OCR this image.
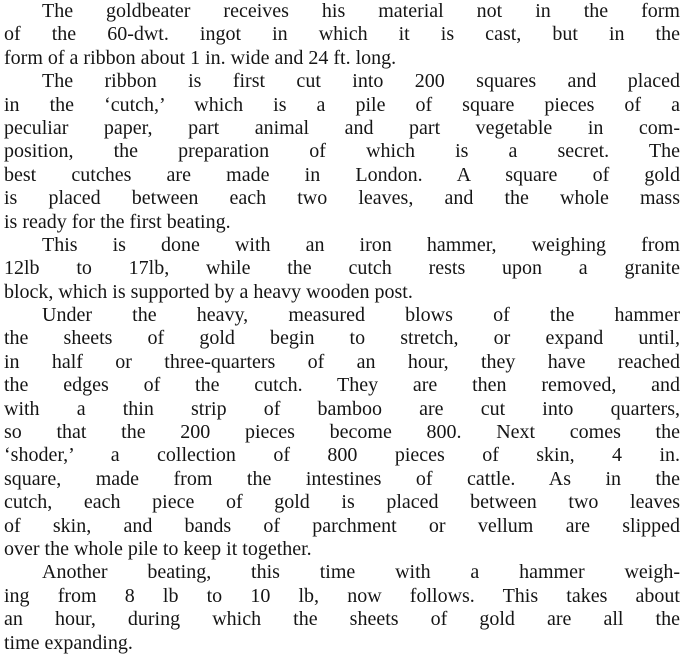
The goldbeater receives his material not in the form
of the 60-dwt. ingot in which it is cast, but in the
form of a ribbon about 1 in. wide and 24 ft. long.
The ribbon is first cut into 200 squares and placed
in the ‘cutch,’ which is a pile of square pieces of a
peculiar paper, part animal and part vegetable in com-
position, the preparation of which is a secret. The
best cutches are made in London. A square of gold
is placed between each two leaves, and the whole mass
is ready for the first beating.
This is done with an iron hammer, weighing from
12lb to 17lb, while the cutch rests upon a granite
block, which is supported by a heavy wooden post.
Under the heavy, measured blows of the hammer
the sheets of gold begin to stretch, or expand until,
in half or three-quarters of an hour, they have reached
the edges of the cutch. They are then removed, and
with a thin strip of bamboo are cut into quarters,
so that the 200 pieces become 800. Next comes the
‘shoder,’ a collection of 800 pieces of skin, 4 in.
square, made from the intestines of cattle. As in the
cutch, each piece of gold is placed between two leaves
of skin, and bands of parchment or vellum are slipped
over the whole pile to keep it together.
Another beating, this time with a hammer weigh-
ing from 8 lb to 10 lb, now follows. This takes about
an hour, during which the sheets of gold are all the
time expanding.
